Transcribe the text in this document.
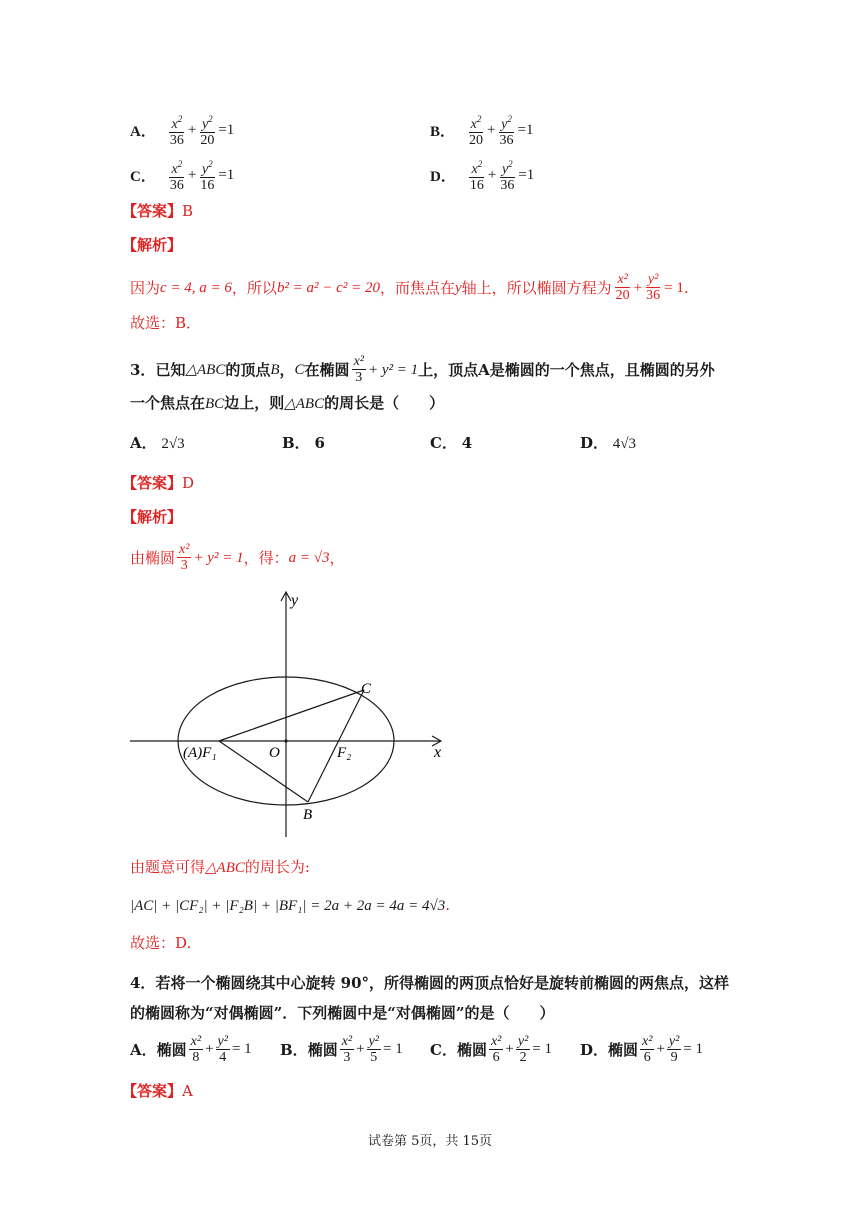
A． $\frac{x^2}{36} + \frac{y^2}{20} =1$	B． $\frac{x^2}{20} + \frac{y^2}{36} =1$
C． $\frac{x^2}{36} + \frac{y^2}{16} =1$	D． $\frac{x^2}{16} + \frac{y^2}{36} =1$
【答案】B
【解析】
因为 c = 4, a = 6 ，所以 b² = a² − c² = 20 ，而焦点在 y 轴上，所以椭圆方程为 $\frac{\text{x²}}{20} + \frac{\text{y²}}{36} = 1$ .
故选：B．
3． 已知 △ABC 的顶点 B ， C 在椭圆 $\frac{\text{x²}}{3} + y^2 = 1$ 上，顶点A是椭圆的一个焦点，且椭圆的另外
一个焦点在BC边上，则△ABC的周长是（　　）
A． 2√3	B． 6	C． 4	D． 4√3
【答案】D
【解析】
由椭圆 $\frac{\text{x²}}{3} + y^2 = 1$ ，得： a = √3 ，
y
x
O
(A)F₁	F₂
C
B
由题意可得△ABC的周长为:
|AC| + |CF₂| + |F₂B| + |BF₁| = 2a + 2a = 4a = 4√3.
故选：D.
4．若将一个椭圆绕其中心旋转 90°，所得椭圆的两顶点恰好是旋转前椭圆的两焦点，这样
的椭圆称为“对偶椭圆”．下列椭圆中是“对偶椭圆”的是（　　）
A． 椭圆 $\frac{\text{x²}}{8} + \frac{\text{y²}}{4} = 1$ B． 椭圆 $\frac{\text{x²}}{3} + \frac{\text{y²}}{5} = 1$ C． 椭圆 $\frac{\text{x²}}{6} + \frac{\text{y²}}{2} = 1$ D． 椭圆 $\frac{\text{x²}}{6} + \frac{\text{y²}}{9} = 1$
【答案】A
试卷第 5页，共 15页
